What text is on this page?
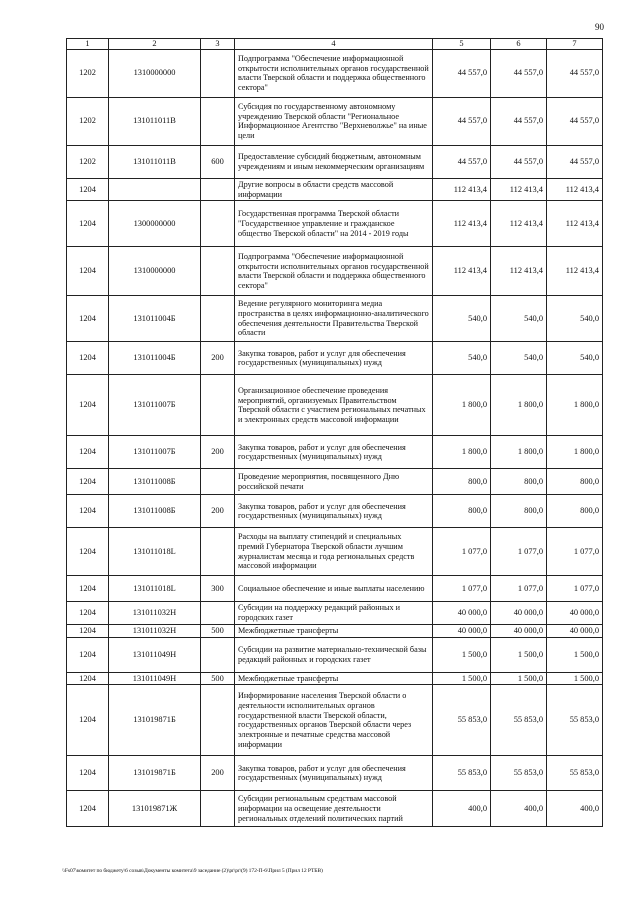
90
1	2	3	4	5	6	7
1202	1310000000		Подпрограмма "Обеспечение информационной открытости исполнительных органов государственной власти Тверской области и поддержка общественного сектора"	44 557,0	44 557,0	44 557,0
1202	131011011В		Субсидия по государственному автономному учреждению Тверской области "Региональное Информационное Агентство "Верхневолжье" на иные цели	44 557,0	44 557,0	44 557,0
1202	131011011В	600	Предоставление субсидий бюджетным, автономным учреждениям и иным некоммерческим организациям	44 557,0	44 557,0	44 557,0
1204			Другие вопросы в области средств массовой информации	112 413,4	112 413,4	112 413,4
1204	1300000000		Государственная программа Тверской области "Государственное управление и гражданское общество Тверской области" на 2014 - 2019 годы	112 413,4	112 413,4	112 413,4
1204	1310000000		Подпрограмма "Обеспечение информационной открытости исполнительных органов государственной власти Тверской области и поддержка общественного сектора"	112 413,4	112 413,4	112 413,4
1204	131011004Б		Ведение регулярного мониторинга медиа пространства в целях информационно-аналитического обеспечения деятельности Правительства Тверской области	540,0	540,0	540,0
1204	131011004Б	200	Закупка товаров, работ и услуг для обеспечения государственных (муниципальных) нужд	540,0	540,0	540,0
1204	131011007Б		Организационное обеспечение проведения мероприятий, организуемых Правительством Тверской области с участием региональных печатных и электронных средств массовой информации	1 800,0	1 800,0	1 800,0
1204	131011007Б	200	Закупка товаров, работ и услуг для обеспечения государственных (муниципальных) нужд	1 800,0	1 800,0	1 800,0
1204	131011008Б		Проведение мероприятия, посвященного Дню российской печати	800,0	800,0	800,0
1204	131011008Б	200	Закупка товаров, работ и услуг для обеспечения государственных (муниципальных) нужд	800,0	800,0	800,0
1204	131011018L		Расходы на выплату стипендий и специальных премий Губернатора Тверской области лучшим журналистам месяца и года региональных средств массовой информации	1 077,0	1 077,0	1 077,0
1204	131011018L	300	Социальное обеспечение и иные выплаты населению	1 077,0	1 077,0	1 077,0
1204	131011032Н		Субсидии на поддержку редакций районных и городских газет	40 000,0	40 000,0	40 000,0
1204	131011032Н	500	Межбюджетные трансферты	40 000,0	40 000,0	40 000,0
1204	131011049Н		Субсидии на развитие материально-технической базы редакций районных и городских газет	1 500,0	1 500,0	1 500,0
1204	131011049Н	500	Межбюджетные трансферты	1 500,0	1 500,0	1 500,0
1204	131019871Б		Информирование населения Тверской области о деятельности исполнительных органов государственной власти Тверской области, государственных органов Тверской области через электронные и печатные средства массовой информации	55 853,0	55 853,0	55 853,0
1204	131019871Б	200	Закупка товаров, работ и услуг для обеспечения государственных (муниципальных) нужд	55 853,0	55 853,0	55 853,0
1204	131019871Ж		Субсидии региональным средствам массовой информации на освещение деятельности региональных отделений политических партий	400,0	400,0	400,0
\\Fs07\комитет по бюджету\6 созыв\Документы комитета\9 заседание (2)\pr\pr\(9) 172-П-6\Прил 5 (Прил 12 РТБВ)
